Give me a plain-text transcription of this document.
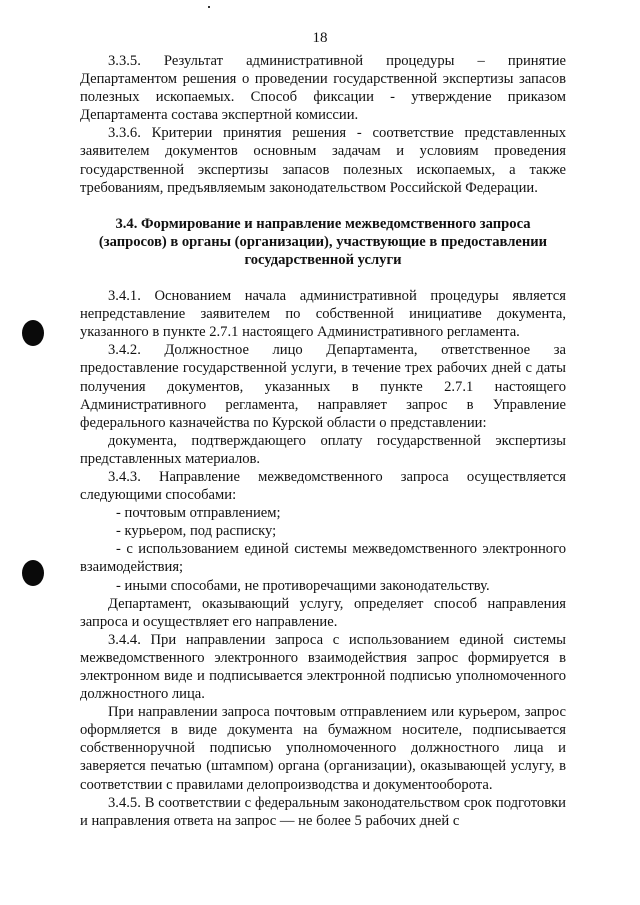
18

3.3.5. Результат административной процедуры – принятие Департаментом решения о проведении государственной экспертизы запасов полезных ископаемых. Способ фиксации - утверждение приказом Департамента состава экспертной комиссии.

3.3.6. Критерии принятия решения - соответствие представленных заявителем документов основным задачам и условиям проведения государственной экспертизы запасов полезных ископаемых, а также требованиям, предъявляемым законодательством Российской Федерации.

3.4. Формирование и направление межведомственного запроса (запросов) в органы (организации), участвующие в предоставлении государственной услуги

3.4.1. Основанием начала административной процедуры является непредставление заявителем по собственной инициативе документа, указанного в пункте 2.7.1 настоящего Административного регламента.

3.4.2. Должностное лицо Департамента, ответственное за предоставление государственной услуги, в течение трех рабочих дней с даты получения документов, указанных в пункте 2.7.1 настоящего Административного регламента, направляет запрос в Управление федерального казначейства по Курской области о представлении:

документа, подтверждающего оплату государственной экспертизы представленных материалов.

3.4.3. Направление межведомственного запроса осуществляется следующими способами:

- почтовым отправлением;

- курьером, под расписку;

- с использованием единой системы межведомственного электронного взаимодействия;

- иными способами, не противоречащими законодательству.

Департамент, оказывающий услугу, определяет способ направления запроса и осуществляет его направление.

3.4.4. При направлении запроса с использованием единой системы межведомственного электронного взаимодействия запрос формируется в электронном виде и подписывается электронной подписью уполномоченного должностного лица.

При направлении запроса почтовым отправлением или курьером, запрос оформляется в виде документа на бумажном носителе, подписывается собственноручной подписью уполномоченного должностного лица и заверяется печатью (штампом) органа (организации), оказывающей услугу, в соответствии с правилами делопроизводства и документооборота.

3.4.5. В соответствии с федеральным законодательством срок подготовки и направления ответа на запрос — не более 5 рабочих дней с
